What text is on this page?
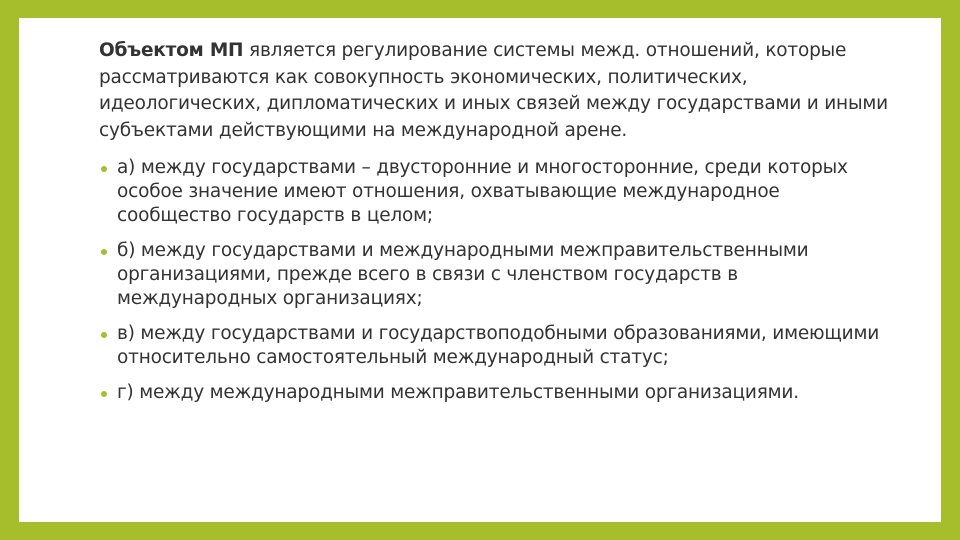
Объектом МП является регулирование системы межд. отношений, которые рассматриваются как совокупность экономических, политических, идеологических, дипломатических и иных связей между государствами и иными субъектами действующими на международной арене.

а) между государствами – двусторонние и многосторонние, среди которых особое значение имеют отношения, охватывающие международное сообщество государств в целом;
б) между государствами и международными межправительственными организациями, прежде всего в связи с членством государств в международных организациях;
в) между государствами и государствоподобными образованиями, имеющими относительно самостоятельный международный статус;
г) между международными межправительственными организациями.
